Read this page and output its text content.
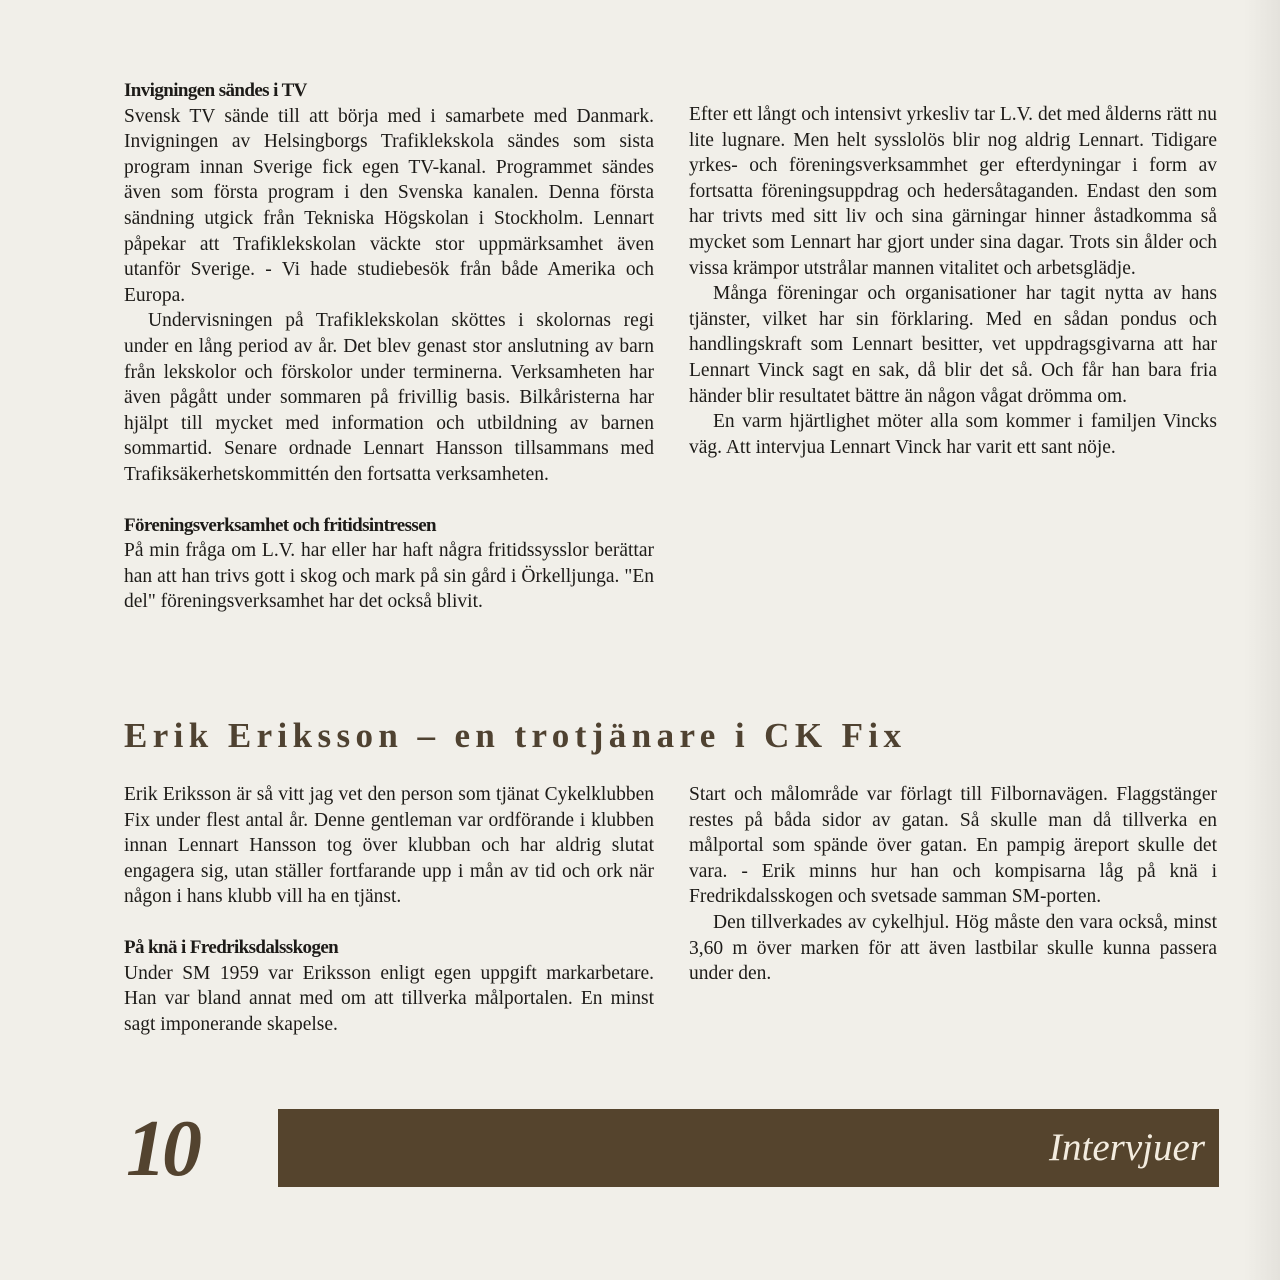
Invigningen sändes i TV

Svensk TV sände till att börja med i samarbete med Danmark. Invigningen av Helsingborgs Trafiklekskola sändes som sista program innan Sverige fick egen TV-kanal. Programmet sändes även som första program i den Svenska kanalen. Denna första sändning utgick från Tekniska Högskolan i Stockholm. Lennart påpekar att Trafiklekskolan väckte stor uppmärksamhet även utanför Sverige. - Vi hade studiebesök från både Amerika och Europa.

Undervisningen på Trafiklekskolan sköttes i skolornas regi under en lång period av år. Det blev genast stor anslutning av barn från lekskolor och förskolor under terminerna. Verksamheten har även pågått under sommaren på frivillig basis. Bilkåristerna har hjälpt till mycket med information och utbildning av barnen sommartid. Senare ordnade Lennart Hansson tillsammans med Trafiksäkerhetskommittén den fortsatta verksamheten.

Föreningsverksamhet och fritidsintressen

På min fråga om L.V. har eller har haft några fritidssysslor berättar han att han trivs gott i skog och mark på sin gård i Örkelljunga. "En del" föreningsverksamhet har det också blivit.

Efter ett långt och intensivt yrkesliv tar L.V. det med ålderns rätt nu lite lugnare. Men helt sysslolös blir nog aldrig Lennart. Tidigare yrkes- och föreningsverksammhet ger efterdyningar i form av fortsatta föreningsuppdrag och hedersåtaganden. Endast den som har trivts med sitt liv och sina gärningar hinner åstadkomma så mycket som Lennart har gjort under sina dagar. Trots sin ålder och vissa krämpor utstrålar mannen vitalitet och arbetsglädje.

Många föreningar och organisationer har tagit nytta av hans tjänster, vilket har sin förklaring. Med en sådan pondus och handlingskraft som Lennart besitter, vet uppdragsgivarna att har Lennart Vinck sagt en sak, då blir det så. Och får han bara fria händer blir resultatet bättre än någon vågat drömma om.

En varm hjärtlighet möter alla som kommer i familjen Vincks väg. Att intervjua Lennart Vinck har varit ett sant nöje.

Erik Eriksson – en trotjänare i CK Fix

Erik Eriksson är så vitt jag vet den person som tjänat Cykelklubben Fix under flest antal år. Denne gentleman var ordförande i klubben innan Lennart Hansson tog över klubban och har aldrig slutat engagera sig, utan ställer fortfarande upp i mån av tid och ork när någon i hans klubb vill ha en tjänst.

På knä i Fredriksdalsskogen

Under SM 1959 var Eriksson enligt egen uppgift markarbetare. Han var bland annat med om att tillverka målportalen. En minst sagt imponerande skapelse.

Start och målområde var förlagt till Filbornavägen. Flaggstänger restes på båda sidor av gatan. Så skulle man då tillverka en målportal som spände över gatan. En pampig äreport skulle det vara. - Erik minns hur han och kompisarna låg på knä i Fredrikdalsskogen och svetsade samman SM-porten.

Den tillverkades av cykelhjul. Hög måste den vara också, minst 3,60 m över marken för att även lastbilar skulle kunna passera under den.

10	Intervjuer
